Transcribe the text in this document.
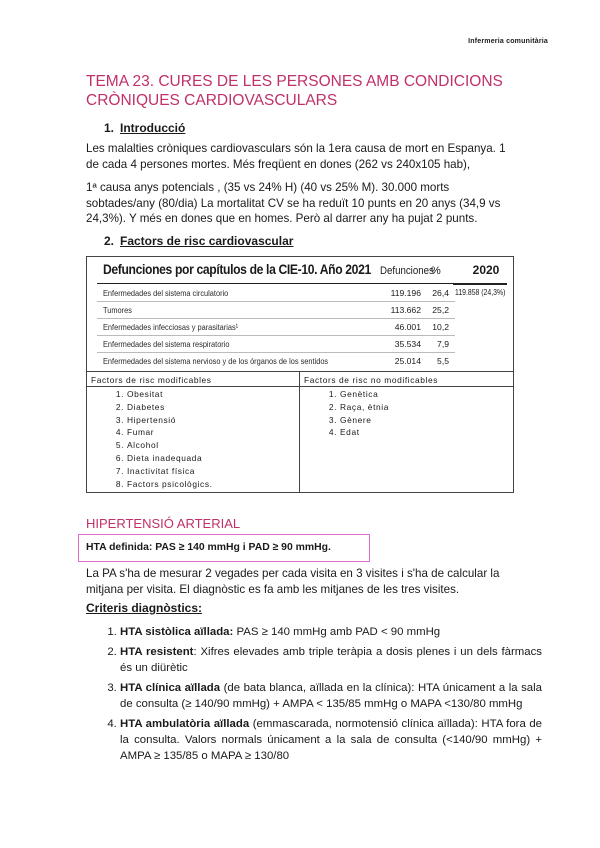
Infermeria comunitària
TEMA 23. CURES DE LES PERSONES AMB CONDICIONS CRÒNIQUES CARDIOVASCULARS
1. Introducció

Les malalties cròniques cardiovasculars són la 1era causa de mort en Espanya. 1 de cada 4 persones mortes. Més freqüent en dones (262 vs 240x105 hab),

1ª causa anys potencials , (35 vs 24% H) (40 vs 25% M). 30.000 morts sobtades/any (80/dia) La mortalitat CV se ha reduït 10 punts en 20 anys (34,9 vs 24,3%). Y més en dones que en homes. Però al darrer any ha pujat 2 punts.

2. Factors de risc cardiovascular
Defunciones por capítulos de la CIE-10. Año 2021 Defunciones
%	2020
Enfermedades del sistema circulatorio	119.196	26,4 119.858 (24,3%)
Tumores	113.662	25,2
Enfermedades infecciosas y parasitarias¹	46.001	10,2
Enfermedades del sistema respiratorio	35.534	7,9
Enfermedades del sistema nervioso y de los órganos de los sentidos	25.014	5,5
Factors de risc modificables
1. Obesitat
2. Diabetes
3. Hipertensió
4. Fumar
5. Alcohol
6. Dieta inadequada
7. Inactivitat física
8. Factors psicològics.
Factors de risc no modificables
1. Genètica
2. Raça, ètnia
3. Gènere
4. Edat
HIPERTENSIÓ ARTERIAL
HTA definida: PAS ≥ 140 mmHg i PAD ≥ 90 mmHg.

La PA s'ha de mesurar 2 vegades per cada visita en 3 visites i s'ha de calcular la mitjana per visita. El diagnòstic es fa amb les mitjanes de les tres visites.

Criteris diagnòstics:
1. HTA sistòlica aïllada: PAS ≥ 140 mmHg amb PAD < 90 mmHg
2. HTA resistent: Xifres elevades amb triple teràpia a dosis plenes i un dels fàrmacs és un diürètic
3. HTA clínica aïllada (de bata blanca, aïllada en la clínica): HTA únicament a la sala de consulta (≥ 140/90 mmHg) + AMPA < 135/85 mmHg o MAPA <130/80 mmHg
4. HTA ambulatòria aïllada (emmascarada, normotensió clínica aïllada): HTA fora de la consulta. Valors normals únicament a la sala de consulta (<140/90 mmHg) + AMPA ≥ 135/85 o MAPA ≥ 130/80
